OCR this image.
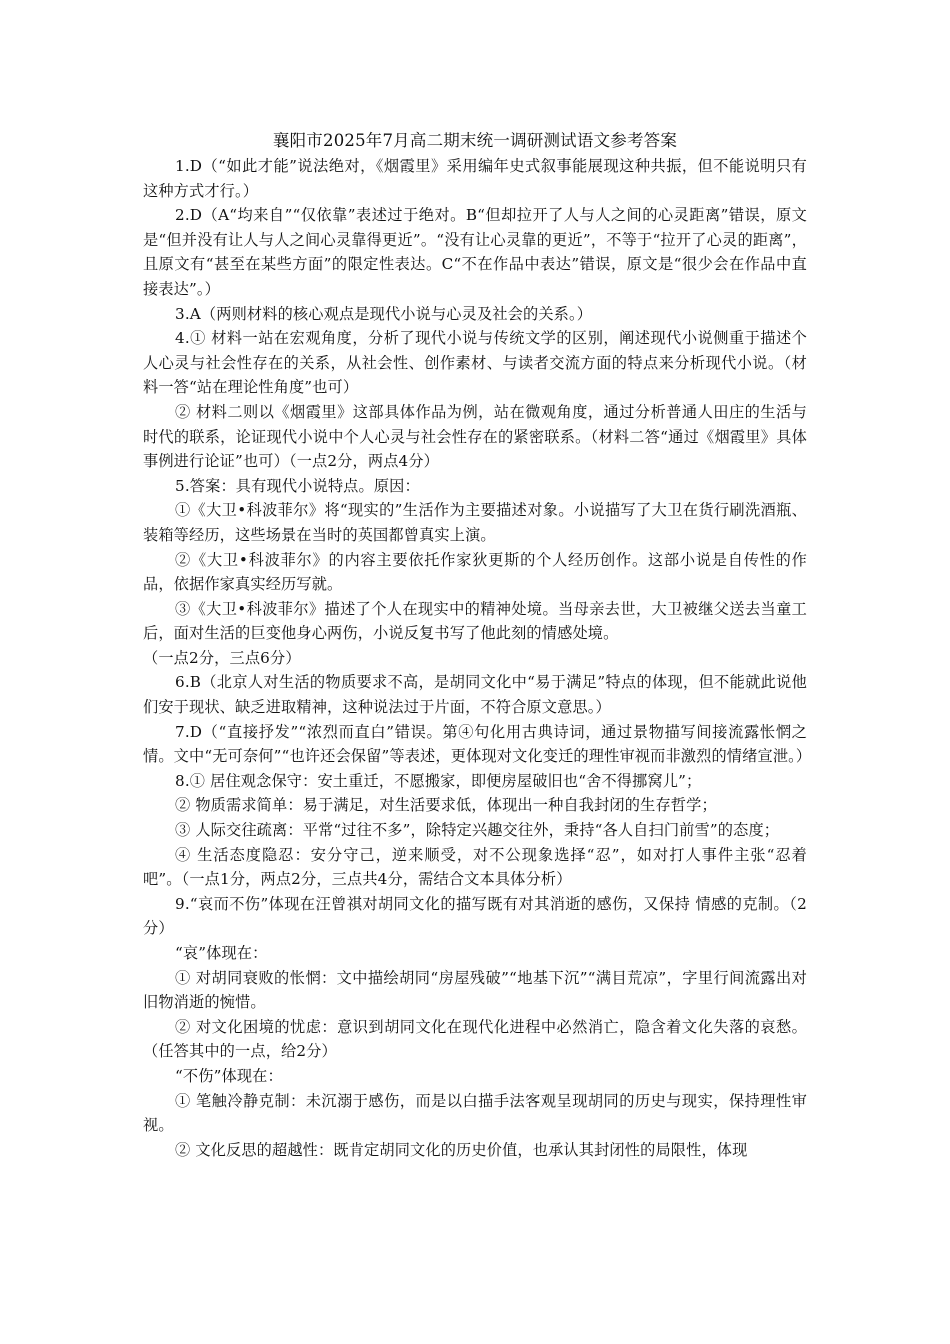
襄阳市2025年7月高二期末统一调研测试语文参考答案

1.D（“如此才能”说法绝对，《烟霞里》采用编年史式叙事能展现这种共振，但不能说明只有这种方式才行。）

2.D（A“均来自”“仅依靠”表述过于绝对。B“但却拉开了人与人之间的心灵距离”错误，原文是“但并没有让人与人之间心灵靠得更近”。“没有让心灵靠的更近”，不等于“拉开了心灵的距离”，且原文有“甚至在某些方面”的限定性表达。C“不在作品中表达”错误，原文是“很少会在作品中直接表达”。）

3.A（两则材料的核心观点是现代小说与心灵及社会的关系。）

4.① 材料一站在宏观角度，分析了现代小说与传统文学的区别，阐述现代小说侧重于描述个人心灵与社会性存在的关系，从社会性、创作素材、与读者交流方面的特点来分析现代小说。（材料一答“站在理论性角度”也可）

② 材料二则以《烟霞里》这部具体作品为例，站在微观角度，通过分析普通人田庄的生活与时代的联系，论证现代小说中个人心灵与社会性存在的紧密联系。（材料二答“通过《烟霞里》具体事例进行论证”也可）（一点2分，两点4分）

5.答案：具有现代小说特点。原因：

①《大卫•科波菲尔》将“现实的”生活作为主要描述对象。小说描写了大卫在货行刷洗酒瓶、装箱等经历，这些场景在当时的英国都曾真实上演。

②《大卫•科波菲尔》的内容主要依托作家狄更斯的个人经历创作。这部小说是自传性的作品，依据作家真实经历写就。

③《大卫•科波菲尔》描述了个人在现实中的精神处境。当母亲去世，大卫被继父送去当童工后，面对生活的巨变他身心两伤，小说反复书写了他此刻的情感处境。

（一点2分，三点6分）

6.B（北京人对生活的物质要求不高，是胡同文化中“易于满足”特点的体现，但不能就此说他们安于现状、缺乏进取精神，这种说法过于片面，不符合原文意思。）

7.D（“直接抒发”“浓烈而直白”错误。第④句化用古典诗词，通过景物描写间接流露怅惘之情。文中“无可奈何”“也许还会保留”等表述，更体现对文化变迁的理性审视而非激烈的情绪宣泄。）

8.① 居住观念保守：安土重迁，不愿搬家，即便房屋破旧也“舍不得挪窝儿”；

② 物质需求简单：易于满足，对生活要求低，体现出一种自我封闭的生存哲学；

③ 人际交往疏离：平常“过往不多”，除特定兴趣交往外，秉持“各人自扫门前雪”的态度；

④ 生活态度隐忍：安分守己，逆来顺受，对不公现象选择“忍”，如对打人事件主张“忍着吧”。（一点1分，两点2分，三点共4分，需结合文本具体分析）

9.“哀而不伤”体现在汪曾祺对胡同文化的描写既有对其消逝的感伤，又保持 情感的克制。（2分）

“哀”体现在：

① 对胡同衰败的怅惘：文中描绘胡同“房屋残破”“地基下沉”“满目荒凉”，字里行间流露出对旧物消逝的惋惜。

② 对文化困境的忧虑：意识到胡同文化在现代化进程中必然消亡，隐含着文化失落的哀愁。（任答其中的一点，给2分）

“不伤”体现在：

① 笔触冷静克制：未沉溺于感伤，而是以白描手法客观呈现胡同的历史与现实，保持理性审视。

② 文化反思的超越性：既肯定胡同文化的历史价值，也承认其封闭性的局限性，体现
